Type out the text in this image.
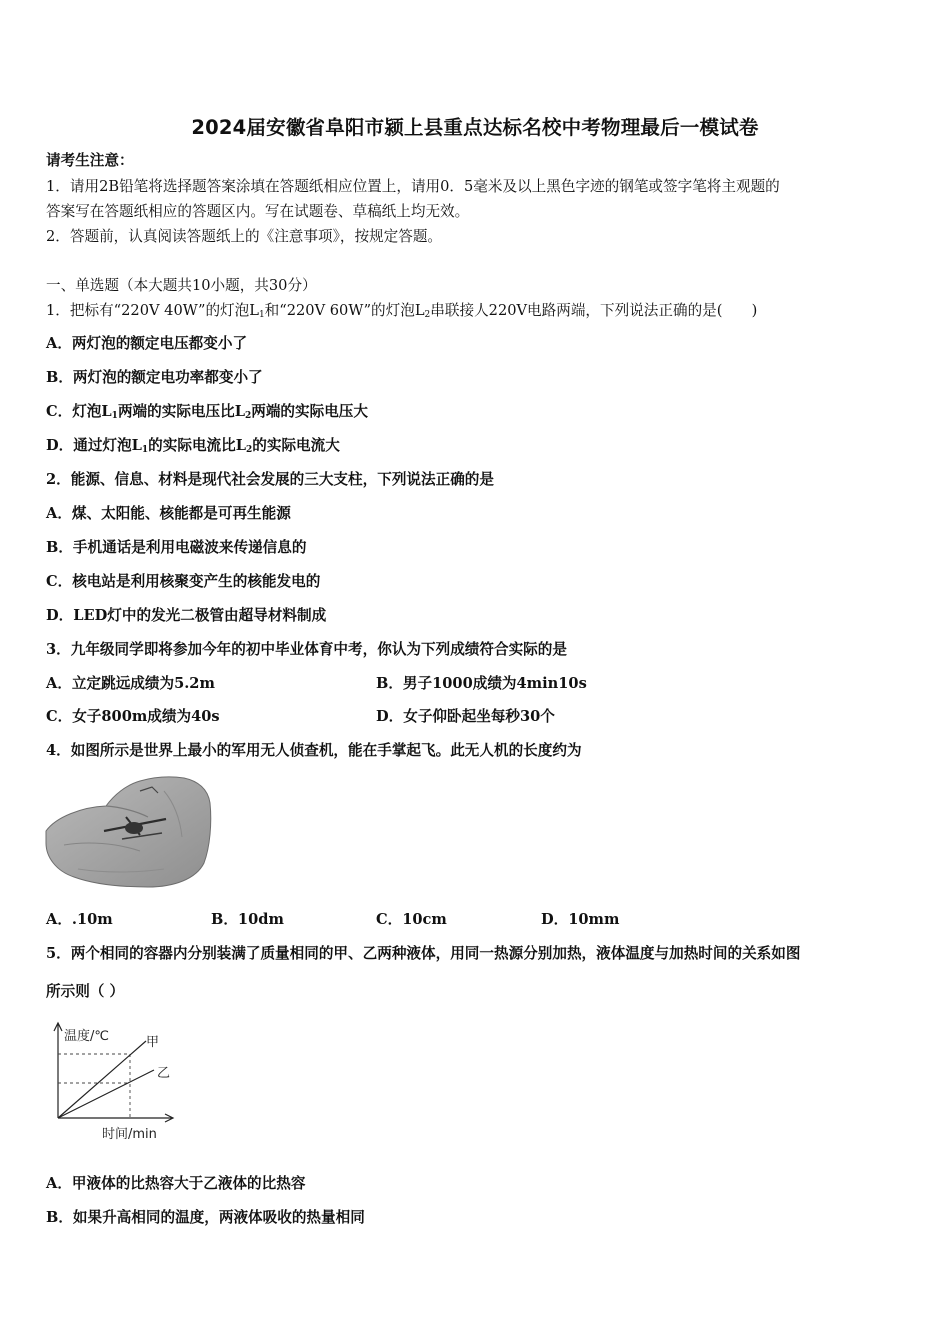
2024届安徽省阜阳市颍上县重点达标名校中考物理最后一模试卷
请考生注意：
1．请用2B铅笔将选择题答案涂填在答题纸相应位置上，请用0．5毫米及以上黑色字迹的钢笔或签字笔将主观题的
答案写在答题纸相应的答题区内。写在试题卷、草稿纸上均无效。
2．答题前，认真阅读答题纸上的《注意事项》，按规定答题。
一、单选题（本大题共10小题，共30分）
1．把标有“220V 40W”的灯泡$L_1$和“220V 60W”的灯泡$L_2$串联接人220V电路两端，下列说法正确的是(　　)
A．两灯泡的额定电压都变小了
B．两灯泡的额定电功率都变小了
C．灯泡$L_1$两端的实际电压比$L_2$两端的实际电压大
D．通过灯泡$L_1$的实际电流比$L_2$的实际电流大
2．能源、信息、材料是现代社会发展的三大支柱，下列说法正确的是
A．煤、太阳能、核能都是可再生能源
B．手机通话是利用电磁波来传递信息的
C．核电站是利用核聚变产生的核能发电的
D．LED灯中的发光二极管由超导材料制成
3．九年级同学即将参加今年的初中毕业体育中考，你认为下列成绩符合实际的是
A．立定跳远成绩为5.2m	B．男子1000成绩为4min10s
C．女子800m成绩为40s	D．女子仰卧起坐每秒30个
4．如图所示是世界上最小的军用无人侦查机，能在手掌起飞。此无人机的长度约为
A．.10m	B．10dm	C．10cm	D．10mm
5．两个相同的容器内分别装满了质量相同的甲、乙两种液体，用同一热源分别加热，液体温度与加热时间的关系如图
所示则（ ）
温度/℃	甲
乙
时间/min
A．甲液体的比热容大于乙液体的比热容
B．如果升高相同的温度，两液体吸收的热量相同
